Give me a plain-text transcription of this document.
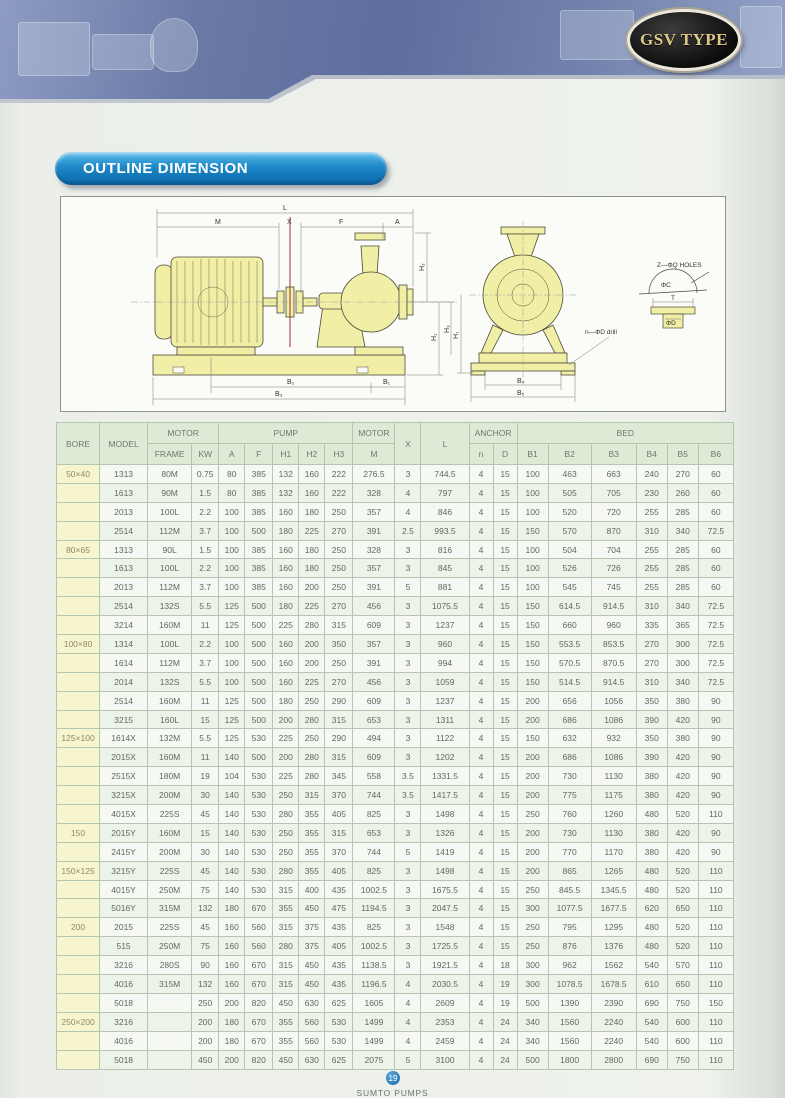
GSV TYPE
OUTLINE DIMENSION
L
M	X	F	A
H₂
H₁
H₃
B₂	B₁
B₃
B₄
B₅
H₁	n—ΦD drill
ΦC
Z—ΦQ HOLES
T
ΦD
BORE	MODEL	MOTOR		PUMP					MOTOR	X	L	ANCHOR		BED					
		FRAME	KW	A	F	H1	H2	H3	M			n	D	B1	B2	B3	B4	B5	B6
50×40	1313	80M	0.75	80	385	132	160	222	276.5	3	744.5	4	15	100	463	663	240	270	60
	1613	90M	1.5	80	385	132	160	222	328	4	797	4	15	100	505	705	230	260	60
	2013	100L	2.2	100	385	160	180	250	357	4	846	4	15	100	520	720	255	285	60
	2514	112M	3.7	100	500	180	225	270	391	2.5	993.5	4	15	150	570	870	310	340	72.5
80×65	1313	90L	1.5	100	385	160	180	250	328	3	816	4	15	100	504	704	255	285	60
	1613	100L	2.2	100	385	160	180	250	357	3	845	4	15	100	526	726	255	285	60
	2013	112M	3.7	100	385	160	200	250	391	5	881	4	15	100	545	745	255	285	60
	2514	132S	5.5	125	500	180	225	270	456	3	1075.5	4	15	150	614.5	914.5	310	340	72.5
	3214	160M	11	125	500	225	280	315	609	3	1237	4	15	150	660	960	335	365	72.5
100×80	1314	100L	2.2	100	500	160	200	350	357	3	960	4	15	150	553.5	853.5	270	300	72.5
	1614	112M	3.7	100	500	160	200	250	391	3	994	4	15	150	570.5	870.5	270	300	72.5
	2014	132S	5.5	100	500	160	225	270	456	3	1059	4	15	150	514.5	914.5	310	340	72.5
	2514	160M	11	125	500	180	250	290	609	3	1237	4	15	200	656	1056	350	380	90
	3215	160L	15	125	500	200	280	315	653	3	1311	4	15	200	686	1086	390	420	90
125×100	1614X	132M	5.5	125	530	225	250	290	494	3	1122	4	15	150	632	932	350	380	90
	2015X	160M	11	140	500	200	280	315	609	3	1202	4	15	200	686	1086	390	420	90
	2515X	180M	19	104	530	225	280	345	558	3.5	1331.5	4	15	200	730	1130	380	420	90
	3215X	200M	30	140	530	250	315	370	744	3.5	1417.5	4	15	200	775	1175	380	420	90
	4015X	225S	45	140	530	280	355	405	825	3	1498	4	15	250	760	1260	480	520	110
150	2015Y	160M	15	140	530	250	355	315	653	3	1326	4	15	200	730	1130	380	420	90
	2415Y	200M	30	140	530	250	355	370	744	5	1419	4	15	200	770	1170	380	420	90
150×125	3215Y	225S	45	140	530	280	355	405	825	3	1498	4	15	200	865	1265	480	520	110
	4015Y	250M	75	140	530	315	400	435	1002.5	3	1675.5	4	15	250	845.5	1345.5	480	520	110
	5016Y	315M	132	180	670	355	450	475	1194.5	3	2047.5	4	15	300	1077.5	1677.5	620	650	110
200	2015	225S	45	160	560	315	375	435	825	3	1548	4	15	250	795	1295	480	520	110
	515	250M	75	160	560	280	375	405	1002.5	3	1725.5	4	15	250	876	1376	480	520	110
	3216	280S	90	160	670	315	450	435	1138.5	3	1921.5	4	18	300	962	1562	540	570	110
	4016	315M	132	160	670	315	450	435	1196.5	4	2030.5	4	19	300	1078.5	1678.5	610	650	110
	5018		250	200	820	450	630	625	1605	4	2609	4	19	500	1390	2390	690	750	150
250×200	3216		200	180	670	355	560	530	1499	4	2353	4	24	340	1560	2240	540	600	110
	4016		200	180	670	355	560	530	1499	4	2459	4	24	340	1560	2240	540	600	110
	5018		450	200	820	450	630	625	2075	5	3100	4	24	500	1800	2800	690	750	110
19
SUMTO PUMPS
